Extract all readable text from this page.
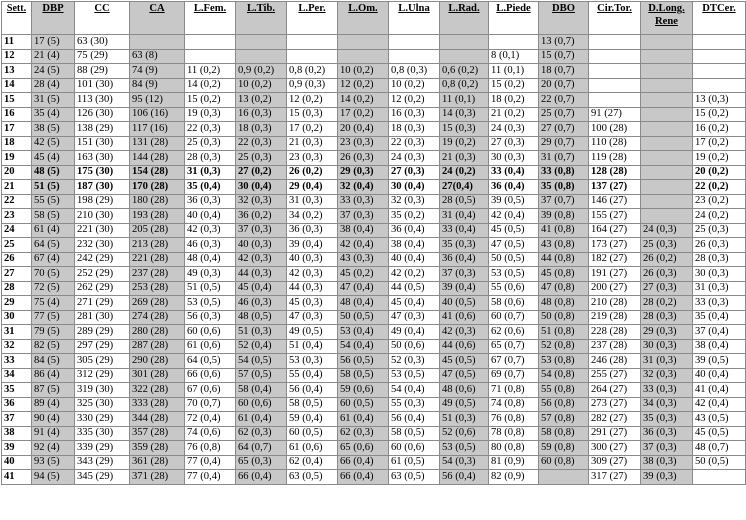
Sett.	DBP	CC	CA	L.Fem.	L.Tib.	L.Per.	L.Om.	L.Ulna	L.Rad.	L.Piede	DBO	Cir.Tor.	D.Long. Rene	DTCer.
11	17 (5)	63 (30)									13 (0,7)			
12	21 (4)	75 (29)	63 (8)							8 (0,1)	15 (0,7)			
13	24 (5)	88 (29)	74 (9)	11 (0,2)	0,9 (0,2)	0,8 (0,2)	10 (0,2)	0,8 (0,3)	0,6 (0,2)	11 (0,1)	18 (0,7)			
14	28 (4)	101 (30)	84 (9)	14 (0,2)	10 (0,2)	0,9 (0,3)	12 (0,2)	10 (0,2)	0,8 (0,2)	15 (0,2)	20 (0,7)			
15	31 (5)	113 (30)	95 (12)	15 (0,2)	13 (0,2)	12 (0,2)	14 (0,2)	12 (0,2)	11 (0,1)	18 (0,2)	22 (0,7)			13 (0,3)
16	35 (4)	126 (30)	106 (16)	19 (0,3)	16 (0,3)	15 (0,3)	17 (0,2)	16 (0,3)	14 (0,3)	21 (0,2)	25 (0,7)	91 (27)		15 (0,2)
17	38 (5)	138 (29)	117 (16)	22 (0,3)	18 (0,3)	17 (0,2)	20 (0,4)	18 (0,3)	15 (0,3)	24 (0,3)	27 (0,7)	100 (28)		16 (0,2)
18	42 (5)	151 (30)	131 (28)	25 (0,3)	22 (0,3)	21 (0,3)	23 (0,3)	22 (0,3)	19 (0,2)	27 (0,3)	29 (0,7)	110 (28)		17 (0,2)
19	45 (4)	163 (30)	144 (28)	28 (0,3)	25 (0,3)	23 (0,3)	26 (0,3)	24 (0,3)	21 (0,3)	30 (0,3)	31 (0,7)	119 (28)		19 (0,2)
20	48 (5)	175 (30)	154 (28)	31 (0,3)	27 (0,2)	26 (0,2)	29 (0,3)	27 (0,3)	24 (0,2)	33 (0,4)	33 (0,8)	128 (28)		20 (0,2)
21	51 (5)	187 (30)	170 (28)	35 (0,4)	30 (0,4)	29 (0,4)	32 (0,4)	30 (0,4)	27(0,4)	36 (0,4)	35 (0,8)	137 (27)		22 (0,2)
22	55 (5)	198 (29)	180 (28)	36 (0,3)	32 (0,3)	31 (0,3)	33 (0,3)	32 (0,3)	28 (0,5)	39 (0,5)	37 (0,7)	146 (27)		23 (0,2)
23	58 (5)	210 (30)	193 (28)	40 (0,4)	36 (0,2)	34 (0,2)	37 (0,3)	35 (0,2)	31 (0,4)	42 (0,4)	39 (0,8)	155 (27)		24 (0,2)
24	61 (4)	221 (30)	205 (28)	42 (0,3)	37 (0,3)	36 (0,3)	38 (0,4)	36 (0,4)	33 (0,4)	45 (0,5)	41 (0,8)	164 (27)	24 (0,3)	25 (0,3)
25	64 (5)	232 (30)	213 (28)	46 (0,3)	40 (0,3)	39 (0,4)	42 (0,4)	38 (0,4)	35 (0,3)	47 (0,5)	43 (0,8)	173 (27)	25 (0,3)	26 (0,3)
26	67 (4)	242 (29)	221 (28)	48 (0,4)	42 (0,3)	40 (0,3)	43 (0,3)	40 (0,4)	36 (0,4)	50 (0,5)	44 (0,8)	182 (27)	26 (0,2)	28 (0,3)
27	70 (5)	252 (29)	237 (28)	49 (0,3)	44 (0,3)	42 (0,3)	45 (0,2)	42 (0,2)	37 (0,3)	53 (0,5)	45 (0,8)	191 (27)	26 (0,3)	30 (0,3)
28	72 (5)	262 (29)	253 (28)	51 (0,5)	45 (0,4)	44 (0,3)	47 (0,4)	44 (0,5)	39 (0,4)	55 (0,6)	47 (0,8)	200 (27)	27 (0,3)	31 (0,3)
29	75 (4)	271 (29)	269 (28)	53 (0,5)	46 (0,3)	45 (0,3)	48 (0,4)	45 (0,4)	40 (0,5)	58 (0,6)	48 (0,8)	210 (28)	28 (0,2)	33 (0,3)
30	77 (5)	281 (30)	274 (28)	56 (0,3)	48 (0,5)	47 (0,3)	50 (0,5)	47 (0,3)	41 (0,6)	60 (0,7)	50 (0,8)	219 (28)	28 (0,3)	35 (0,4)
31	79 (5)	289 (29)	280 (28)	60 (0,6)	51 (0,3)	49 (0,5)	53 (0,4)	49 (0,4)	42 (0,3)	62 (0,6)	51 (0,8)	228 (28)	29 (0,3)	37 (0,4)
32	82 (5)	297 (29)	287 (28)	61 (0,6)	52 (0,4)	51 (0,4)	54 (0,4)	50 (0,6)	44 (0,6)	65 (0,7)	52 (0,8)	237 (28)	30 (0,3)	38 (0,4)
33	84 (5)	305 (29)	290 (28)	64 (0,5)	54 (0,5)	53 (0,3)	56 (0,5)	52 (0,3)	45 (0,5)	67 (0,7)	53 (0,8)	246 (28)	31 (0,3)	39 (0,5)
34	86 (4)	312 (29)	301 (28)	66 (0,6)	57 (0,5)	55 (0,4)	58 (0,5)	53 (0,5)	47 (0,5)	69 (0,7)	54 (0,8)	255 (27)	32 (0,3)	40 (0,4)
35	87 (5)	319 (30)	322 (28)	67 (0,6)	58 (0,4)	56 (0,4)	59 (0,6)	54 (0,4)	48 (0,6)	71 (0,8)	55 (0,8)	264 (27)	33 (0,3)	41 (0,4)
36	89 (4)	325 (30)	333 (28)	70 (0,7)	60 (0,6)	58 (0,5)	60 (0,5)	55 (0,3)	49 (0,5)	74 (0,8)	56 (0,8)	273 (27)	34 (0,3)	42 (0,4)
37	90 (4)	330 (29)	344 (28)	72 (0,4)	61 (0,4)	59 (0,4)	61 (0,4)	56 (0,4)	51 (0,3)	76 (0,8)	57 (0,8)	282 (27)	35 (0,3)	43 (0,5)
38	91 (4)	335 (30)	357 (28)	74 (0,6)	62 (0,3)	60 (0,5)	62 (0,3)	58 (0,5)	52 (0,6)	78 (0,8)	58 (0,8)	291 (27)	36 (0,3)	45 (0,5)
39	92 (4)	339 (29)	359 (28)	76 (0,8)	64 (0,7)	61 (0,6)	65 (0,6)	60 (0,6)	53 (0,5)	80 (0,8)	59 (0,8)	300 (27)	37 (0,3)	48 (0,7)
40	93 (5)	343 (29)	361 (28)	77 (0,4)	65 (0,3)	62 (0,4)	66 (0,4)	61 (0,5)	54 (0,3)	81 (0,9)	60 (0,8)	309 (27)	38 (0,3)	50 (0,5)
41	94 (5)	345 (29)	371 (28)	77 (0,4)	66 (0,4)	63 (0,5)	66 (0,4)	63 (0,5)	56 (0,4)	82 (0,9)		317 (27)	39 (0,3)	
